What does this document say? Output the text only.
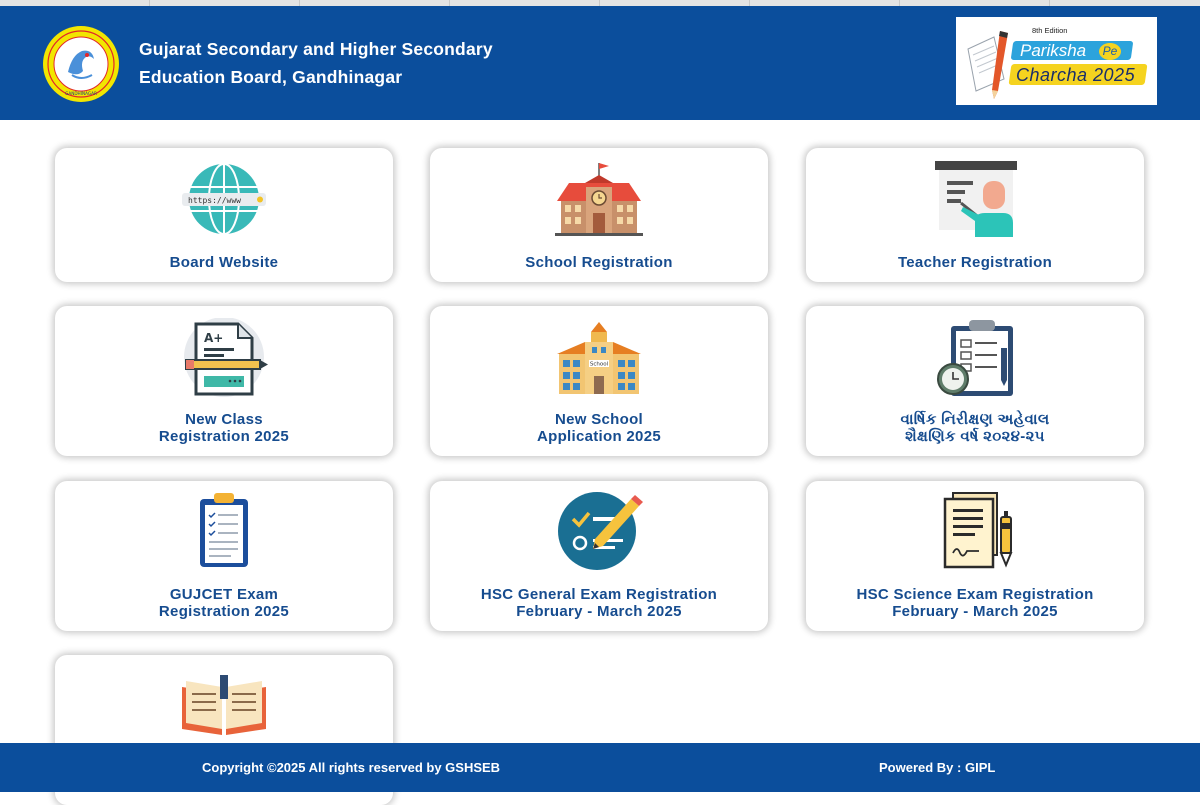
GANDHINAGAR
Gujarat Secondary and Higher Secondary
Education Board, Gandhinagar
8th Edition
Pariksha	Pe
Charcha 2025
https://www
Board Website	School Registration	Teacher Registration
A+
New Class
Registration 2025
School
New School
Application 2025
વાર્ષિક નિરીક્ષણ અહેવાલ
શૈક્ષણિક વર્ષ ૨૦૨૪-૨૫
GUJCET Exam
Registration 2025
HSC General Exam Registration
February - March 2025
HSC Science Exam Registration
February - March 2025
Copyright ©2025 All rights reserved by GSHSEB	Powered By : GIPL
